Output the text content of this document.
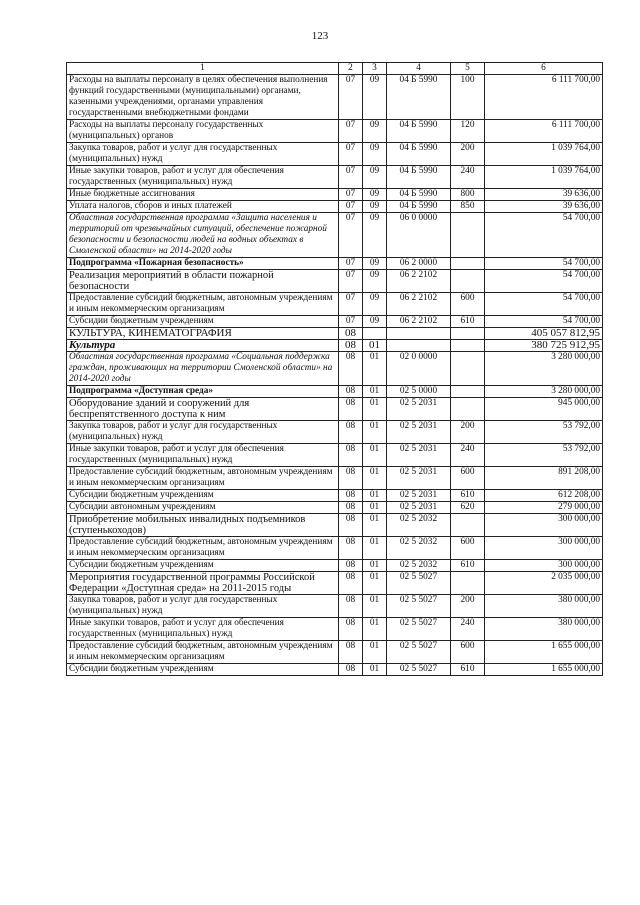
123
1	2	3	4	5	6
Расходы на выплаты персоналу в целях обеспечения выполнения функций государственными (муниципальными) органами, казенными учреждениями, органами управления государственными внебюджетными фондами	07	09	04 Б 5990	100	6 111 700,00
Расходы на выплаты персоналу государственных (муниципальных) органов	07	09	04 Б 5990	120	6 111 700,00
Закупка товаров, работ и услуг для государственных (муниципальных) нужд	07	09	04 Б 5990	200	1 039 764,00
Иные закупки товаров, работ и услуг для обеспечения государственных (муниципальных) нужд	07	09	04 Б 5990	240	1 039 764,00
Иные бюджетные ассигнования	07	09	04 Б 5990	800	39 636,00
Уплата налогов, сборов и иных платежей	07	09	04 Б 5990	850	39 636,00
Областная государственная программа «Защита населения и территорий от чрезвычайных ситуаций, обеспечение пожарной безопасности и безопасности людей на водных объектах в Смоленской области» на 2014-2020 годы	07	09	06 0 0000		54 700,00
Подпрограмма «Пожарная безопасность»	07	09	06 2 0000		54 700,00
Реализация мероприятий в области пожарной безопасности	07	09	06 2 2102		54 700,00
Предоставление субсидий бюджетным, автономным учреждениям и иным некоммерческим организациям	07	09	06 2 2102	600	54 700,00
Субсидии бюджетным учреждениям	07	09	06 2 2102	610	54 700,00
КУЛЬТУРА, КИНЕМАТОГРАФИЯ	08				405 057 812,95
Культура	08	01			380 725 912,95
Областная государственная программа «Социальная поддержка граждан, проживающих на территории Смоленской области» на 2014-2020 годы	08	01	02 0 0000		3 280 000,00
Подпрограмма «Доступная среда»	08	01	02 5 0000		3 280 000,00
Оборудование зданий и сооружений для беспрепятственного доступа к ним	08	01	02 5 2031		945 000,00
Закупка товаров, работ и услуг для государственных (муниципальных) нужд	08	01	02 5 2031	200	53 792,00
Иные закупки товаров, работ и услуг для обеспечения государственных (муниципальных) нужд	08	01	02 5 2031	240	53 792,00
Предоставление субсидий бюджетным, автономным учреждениям и иным некоммерческим организациям	08	01	02 5 2031	600	891 208,00
Субсидии бюджетным учреждениям	08	01	02 5 2031	610	612 208,00
Субсидии автономным учреждениям	08	01	02 5 2031	620	279 000,00
Приобретение мобильных инвалидных подъемников (ступенькоходов)	08	01	02 5 2032		300 000,00
Предоставление субсидий бюджетным, автономным учреждениям и иным некоммерческим организациям	08	01	02 5 2032	600	300 000,00
Субсидии бюджетным учреждениям	08	01	02 5 2032	610	300 000,00
Мероприятия государственной программы Российской Федерации «Доступная среда» на 2011-2015 годы	08	01	02 5 5027		2 035 000,00
Закупка товаров, работ и услуг для государственных (муниципальных) нужд	08	01	02 5 5027	200	380 000,00
Иные закупки товаров, работ и услуг для обеспечения государственных (муниципальных) нужд	08	01	02 5 5027	240	380 000,00
Предоставление субсидий бюджетным, автономным учреждениям и иным некоммерческим организациям	08	01	02 5 5027	600	1 655 000,00
Субсидии бюджетным учреждениям	08	01	02 5 5027	610	1 655 000,00
